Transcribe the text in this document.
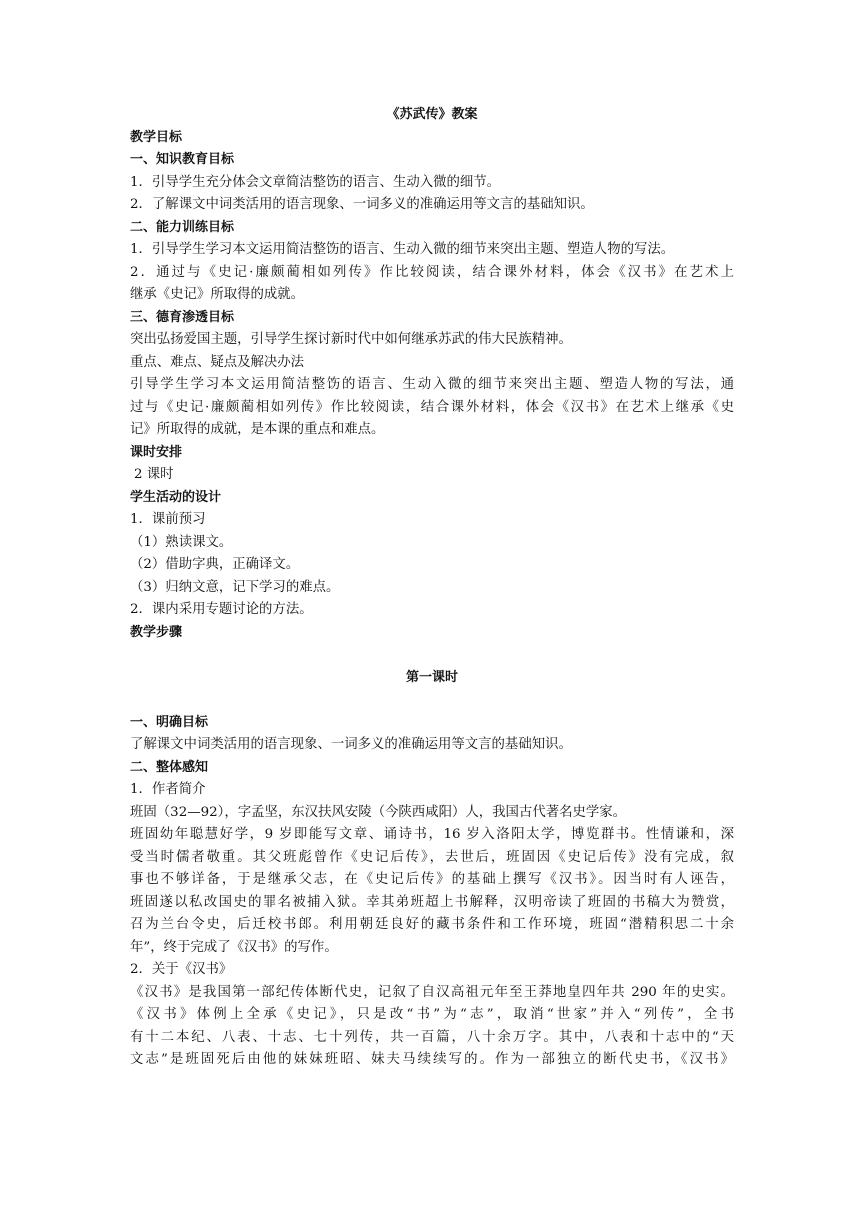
《苏武传》教案
教学目标
一、知识教育目标
1．引导学生充分体会文章简洁整饬的语言、生动入微的细节。
2．了解课文中词类活用的语言现象、一词多义的准确运用等文言的基础知识。
二、能力训练目标
1．引导学生学习本文运用简洁整饬的语言、生动入微的细节来突出主题、塑造人物的写法。
2．通过与《史记·廉颇蔺相如列传》作比较阅读，结合课外材料，体会《汉书》在艺术上
继承《史记》所取得的成就。
三、德育渗透目标
突出弘扬爱国主题，引导学生探讨新时代中如何继承苏武的伟大民族精神。
重点、难点、疑点及解决办法
引导学生学习本文运用简洁整饬的语言、生动入微的细节来突出主题、塑造人物的写法，通
过与《史记·廉颇蔺相如列传》作比较阅读，结合课外材料，体会《汉书》在艺术上继承《史
记》所取得的成就，是本课的重点和难点。
课时安排
2 课时
学生活动的设计
1．课前预习
（1）熟读课文。
（2）借助字典，正确译文。
（3）归纳文意，记下学习的难点。
2．课内采用专题讨论的方法。
教学步骤
第一课时
一、明确目标
了解课文中词类活用的语言现象、一词多义的准确运用等文言的基础知识。
二、整体感知
1．作者简介
班固（32—92），字孟坚，东汉扶风安陵（今陕西咸阳）人，我国古代著名史学家。
班固幼年聪慧好学，9 岁即能写文章、诵诗书，16 岁入洛阳太学，博览群书。性情谦和，深
受当时儒者敬重。其父班彪曾作《史记后传》，去世后，班固因《史记后传》没有完成，叙
事也不够详备，于是继承父志，在《史记后传》的基础上撰写《汉书》。因当时有人诬告，
班固遂以私改国史的罪名被捕入狱。幸其弟班超上书解释，汉明帝读了班固的书稿大为赞赏，
召为兰台令史，后迁校书郎。利用朝廷良好的藏书条件和工作环境，班固“潜精积思二十余
年”，终于完成了《汉书》的写作。
2．关于《汉书》
《汉书》是我国第一部纪传体断代史，记叙了自汉高祖元年至王莽地皇四年共 290 年的史实。
《汉书》体例上全承《史记》，只是改“书”为“志”，取消“世家”并入“列传”，全书
有十二本纪、八表、十志、七十列传，共一百篇，八十余万字。其中，八表和十志中的“天
文志”是班固死后由他的妹妹班昭、妹夫马续续写的。作为一部独立的断代史书，《汉书》
